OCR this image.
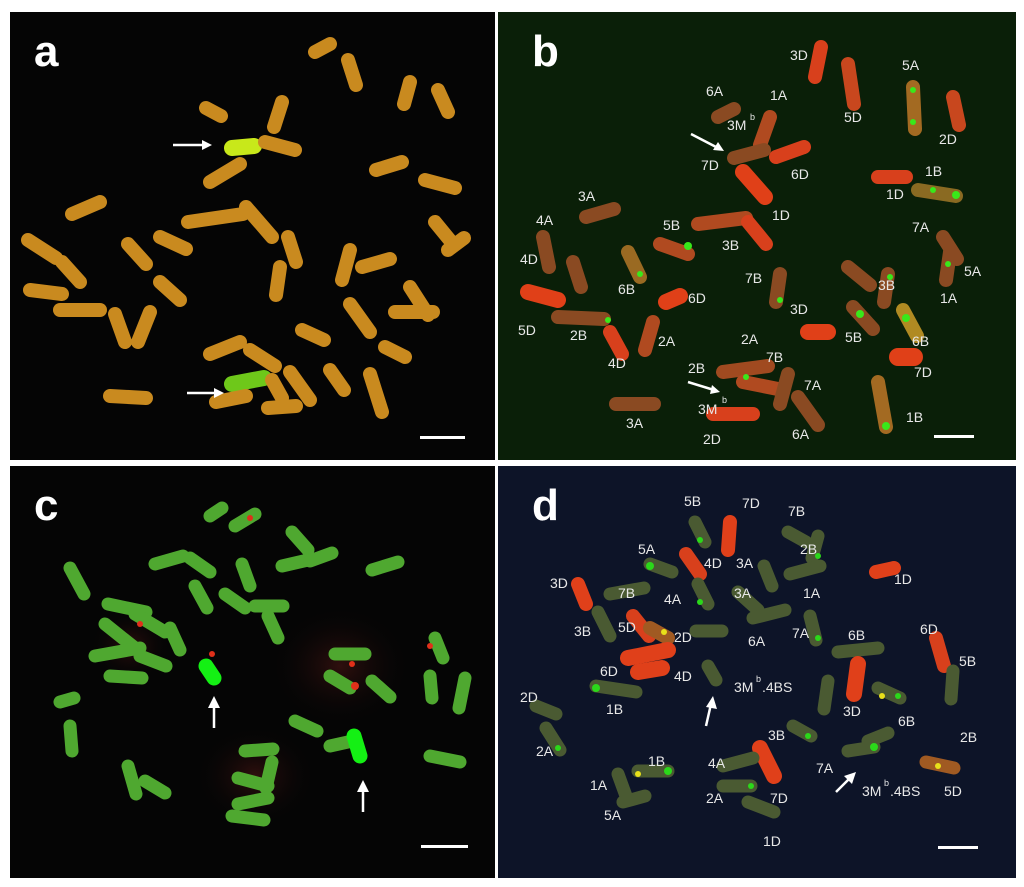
a	b	3D
5A
6A	1A
3M b	5D
2D
7D
6D	1B
1D
3A
4A	5B
1D
7A
3B
4D
5A
7B
6B
6D
3B
1A
5D 2B	2A
3D
5B	6B
4D
2A
7B
2B	7D
3M
b
7A
3A	1B
2D	6A
c	d	5B	7D 7B
5A
4D 3A
2B
3D
1A
1D
7B 4A	3A
3B 5D
2D	6A 7A	6B	6D
5B
6D	4D
3M b .4BS
2D
1B	3D
6B
2B
2A
3B
1B	4A
1A
7A
3M b .4BS
2A	7D	5D
5A
1D
